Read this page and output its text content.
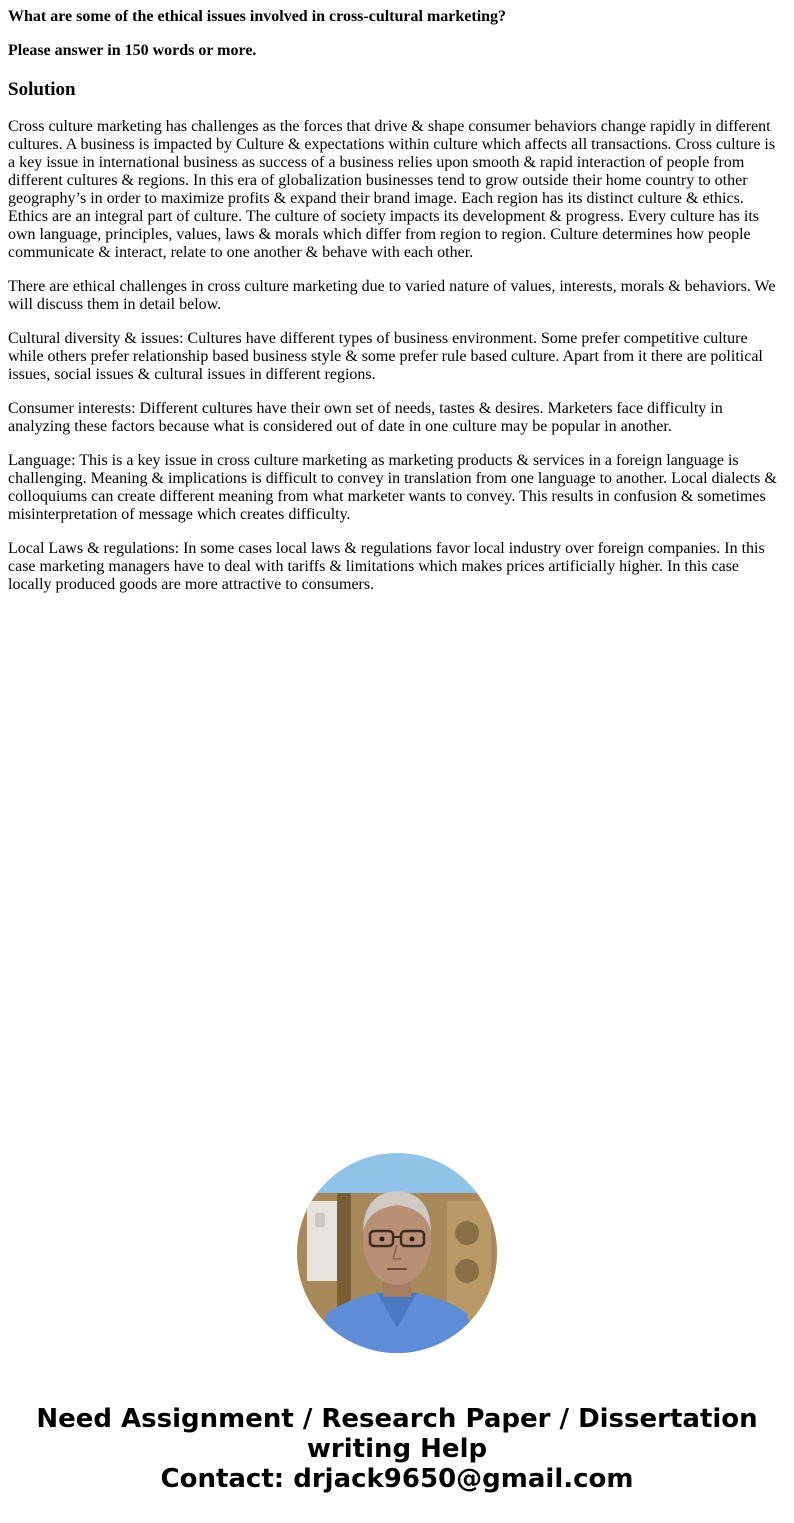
What are some of the ethical issues involved in cross-cultural marketing?

Please answer in 150 words or more.

Solution

Cross culture marketing has challenges as the forces that drive & shape consumer behaviors change rapidly in different cultures. A business is impacted by Culture & expectations within culture which affects all transactions. Cross culture is a key issue in international business as success of a business relies upon smooth & rapid interaction of people from different cultures & regions. In this era of globalization businesses tend to grow outside their home country to other geography’s in order to maximize profits & expand their brand image. Each region has its distinct culture & ethics. Ethics are an integral part of culture. The culture of society impacts its development & progress. Every culture has its own language, principles, values, laws & morals which differ from region to region. Culture determines how people communicate & interact, relate to one another & behave with each other.

There are ethical challenges in cross culture marketing due to varied nature of values, interests, morals & behaviors. We will discuss them in detail below.

Cultural diversity & issues: Cultures have different types of business environment. Some prefer competitive culture while others prefer relationship based business style & some prefer rule based culture. Apart from it there are political issues, social issues & cultural issues in different regions.

Consumer interests: Different cultures have their own set of needs, tastes & desires. Marketers face difficulty in analyzing these factors because what is considered out of date in one culture may be popular in another.

Language: This is a key issue in cross culture marketing as marketing products & services in a foreign language is challenging. Meaning & implications is difficult to convey in translation from one language to another. Local dialects & colloquiums can create different meaning from what marketer wants to convey. This results in confusion & sometimes misinterpretation of message which creates difficulty.

Local Laws & regulations: In some cases local laws & regulations favor local industry over foreign companies. In this case marketing managers have to deal with tariffs & limitations which makes prices artificially higher. In this case locally produced goods are more attractive to consumers.

Need Assignment / Research Paper / Dissertation
writing Help
Contact: drjack9650@gmail.com
